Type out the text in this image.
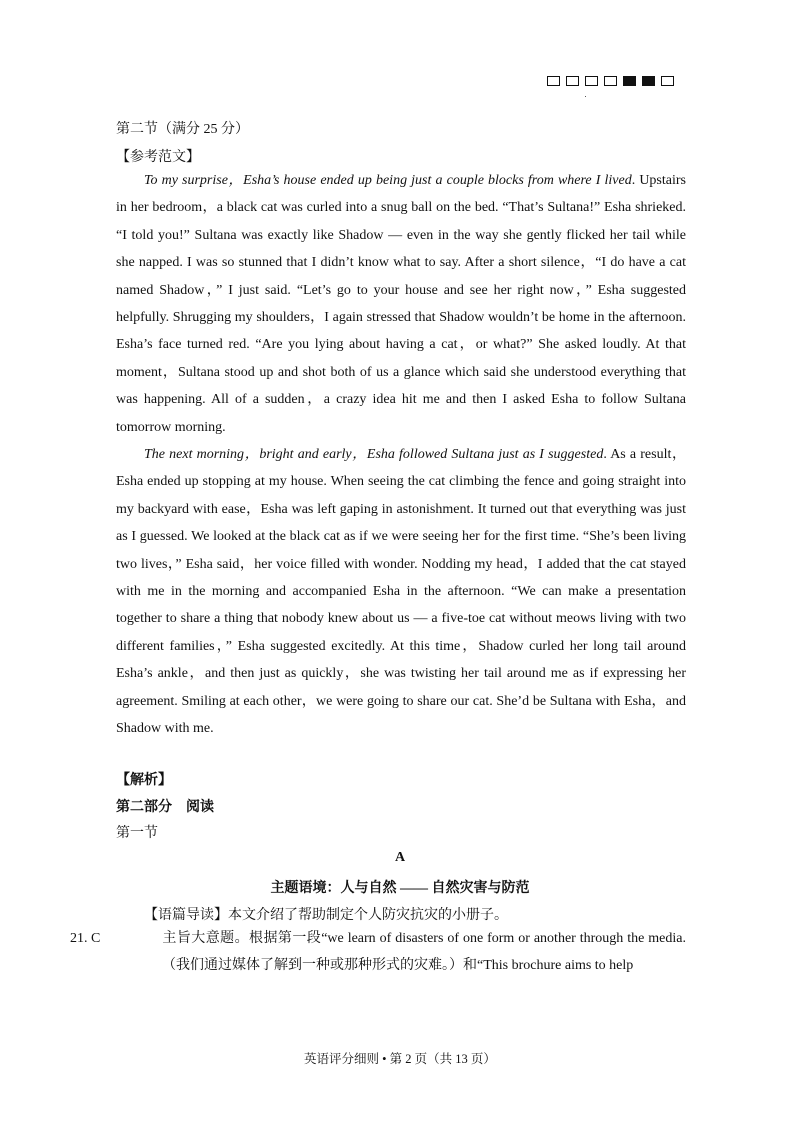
第二节（满分 25 分）
【参考范文】
To my surprise，Esha’s house ended up being just a couple blocks from where I lived. Upstairs in her bedroom，a black cat was curled into a snug ball on the bed. “That’s Sultana!” Esha shrieked. “I told you!” Sultana was exactly like Shadow — even in the way she gently flicked her tail while she napped. I was so stunned that I didn’t know what to say. After a short silence，“I do have a cat named Shadow，” I just said. “Let’s go to your house and see her right now，” Esha suggested helpfully. Shrugging my shoulders，I again stressed that Shadow wouldn’t be home in the afternoon. Esha’s face turned red. “Are you lying about having a cat，or what?” She asked loudly. At that moment，Sultana stood up and shot both of us a glance which said she understood everything that was happening. All of a sudden，a crazy idea hit me and then I asked Esha to follow Sultana tomorrow morning.
The next morning，bright and early，Esha followed Sultana just as I suggested. As a result，Esha ended up stopping at my house. When seeing the cat climbing the fence and going straight into my backyard with ease，Esha was left gaping in astonishment. It turned out that everything was just as I guessed. We looked at the black cat as if we were seeing her for the first time. “She’s been living two lives，” Esha said，her voice filled with wonder. Nodding my head，I added that the cat stayed with me in the morning and accompanied Esha in the afternoon. “We can make a presentation together to share a thing that nobody knew about us — a five-toe cat without meows living with two different families，” Esha suggested excitedly. At this time，Shadow curled her long tail around Esha’s ankle，and then just as quickly，she was twisting her tail around me as if expressing her agreement. Smiling at each other，we were going to share our cat. She’d be Sultana with Esha，and Shadow with me.
【解析】
第二部分　阅读
第一节
A
主题语境：人与自然 —— 自然灾害与防范
【语篇导读】本文介绍了帮助制定个人防灾抗灾的小册子。
21. C	主旨大意题。根据第一段“we learn of disasters of one form or another through the media.（我们通过媒体了解到一种或那种形式的灾难。）和“This brochure aims to help
英语评分细则 • 第 2 页（共 13 页）
